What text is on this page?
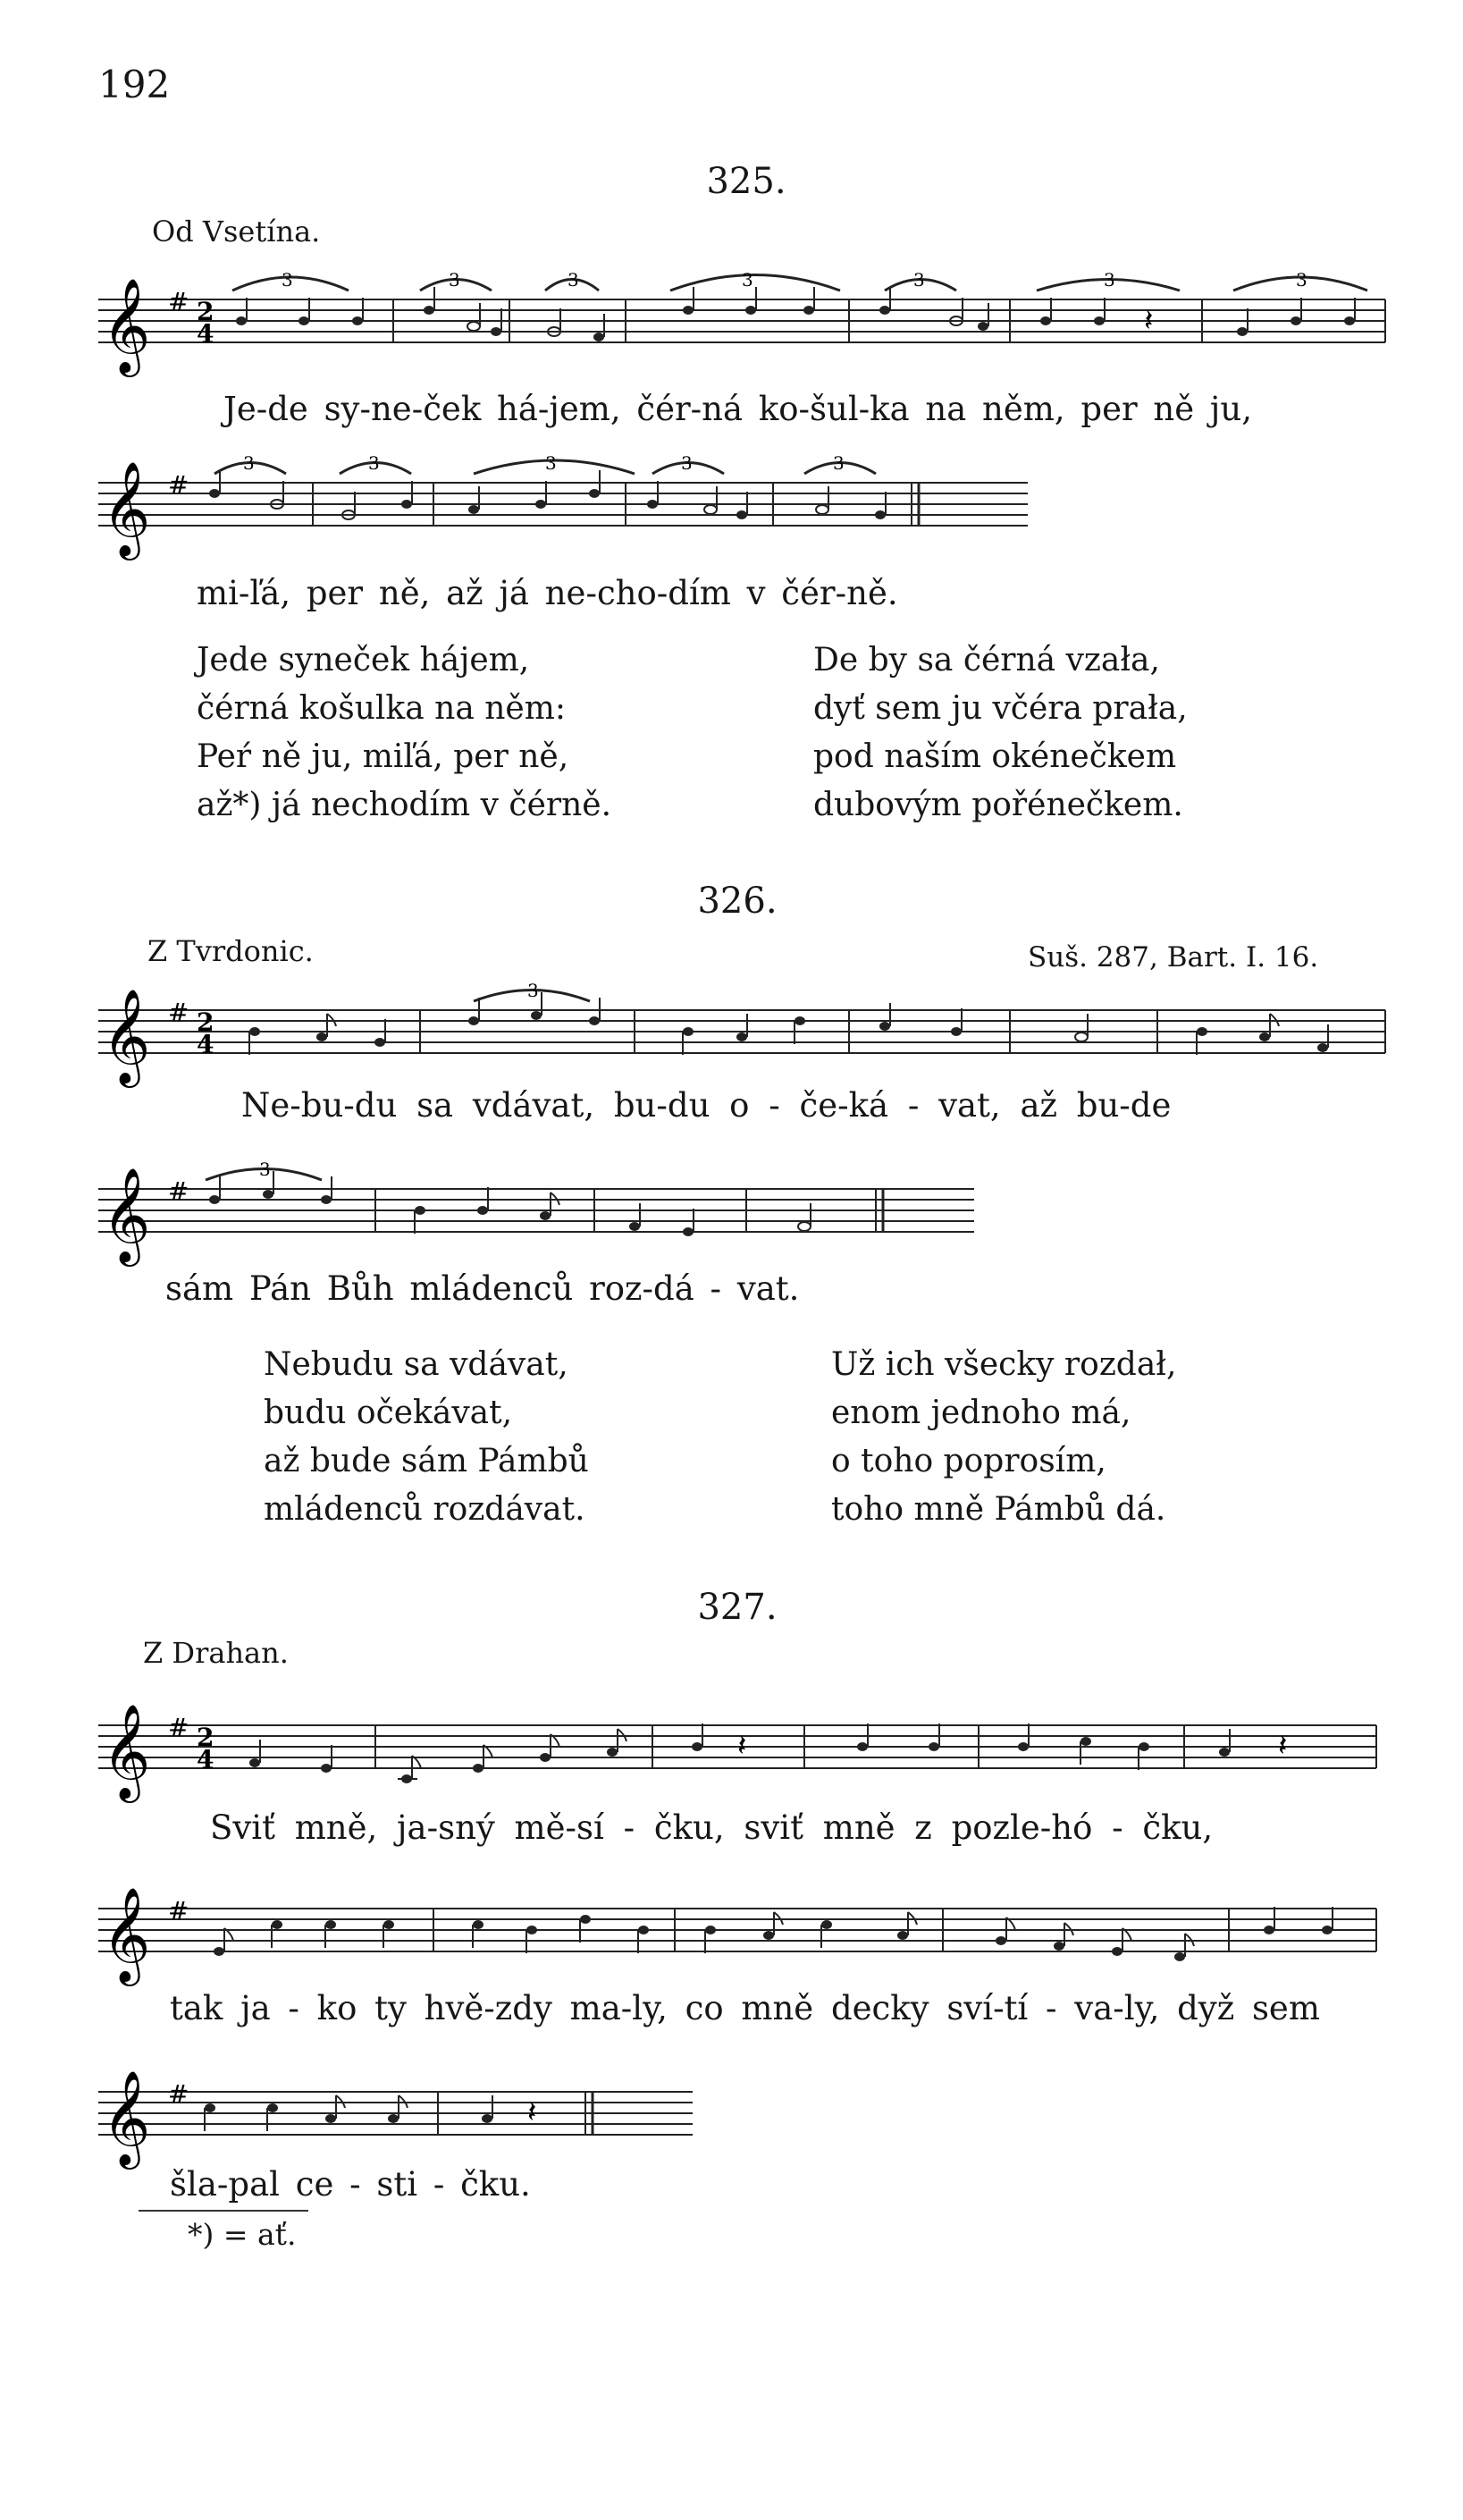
192
325.
Od Vsetína.
𝄞 # 2
4
3	3	3	3	3	3
𝄽
3
Je-de sy-ne-ček há-jem, čér-ná ko-šul-ka na něm, per ně ju,
𝄞 #
3	3	3	3	3
mi-ľá, per ně, až já ne-cho-dím v čér-ně.
Jede syneček hájem,
čérná košulka na něm:
Peŕ ně ju, miľá, per ně,
až*) já nechodím v čérně.
De by sa čérná vzała,
dyť sem ju včéra prała,
pod naším okénečkem
dubovým pořénečkem.
326.
Z Tvrdonic.	Suš. 287, Bart. I. 16.
𝄞 # 2
4
3
Ne-bu-du sa vdávat, bu-du o - če-ká - vat, až bu-de
𝄞 #
3
sám Pán Bůh mládenců roz-dá - vat.
Nebudu sa vdávat,
budu očekávat,
až bude sám Pámbů
mládenců rozdávat.
Už ich všecky rozdał,
enom jednoho má,
o toho poprosím,
toho mně Pámbů dá.
327.
Z Drahan.
𝄞 # 2
4	𝄽	𝄽
Sviť mně, ja-sný mě-sí - čku, sviť mně z pozle-hó - čku,
𝄞 #
tak ja - ko ty hvě-zdy ma-ly, co mně decky sví-tí - va-ly, dyž sem
𝄞 #
𝄽
šla-pal ce - sti - čku.
*) = ať.
